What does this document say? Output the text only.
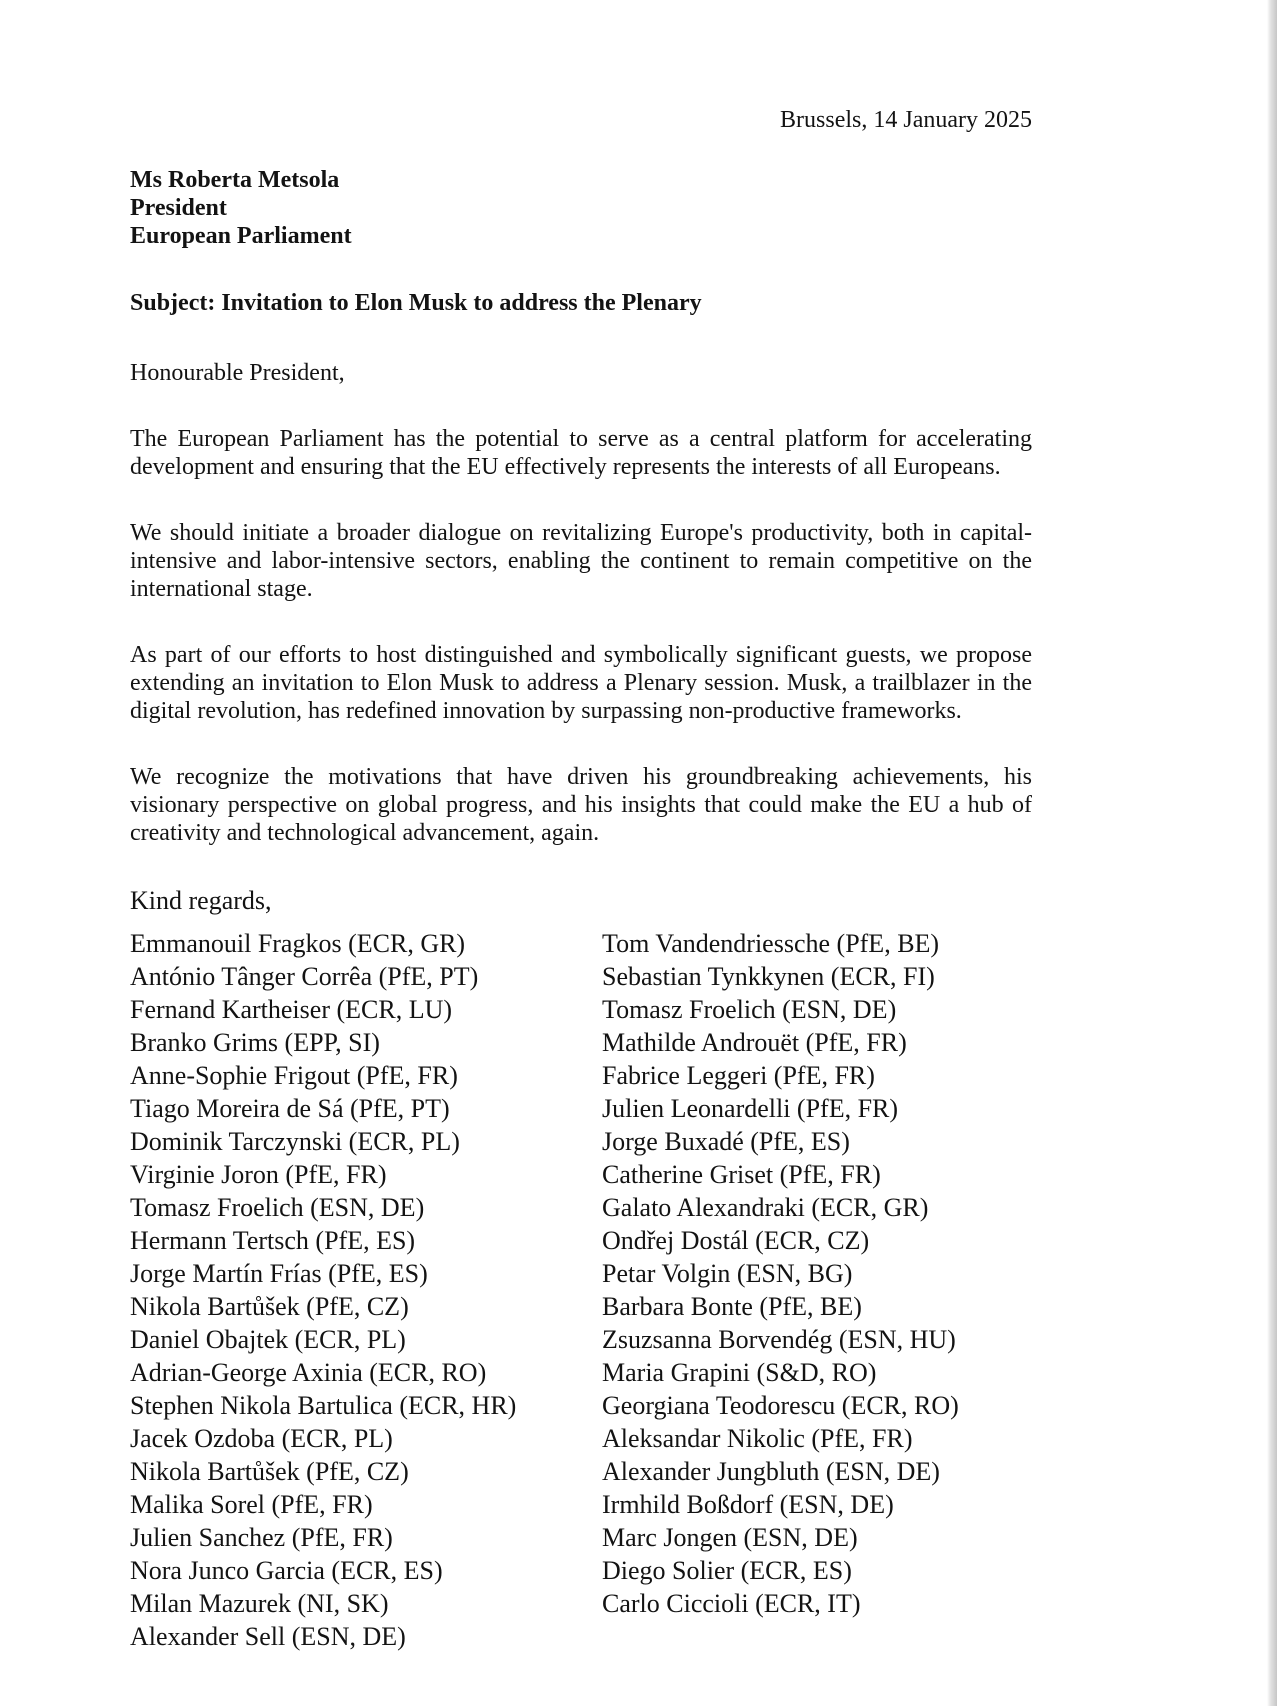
Brussels, 14 January 2025
Ms Roberta Metsola
President
European Parliament
Subject: Invitation to Elon Musk to address the Plenary
Honourable President,
The European Parliament has the potential to serve as a central platform for accelerating development and ensuring that the EU effectively represents the interests of all Europeans.
We should initiate a broader dialogue on revitalizing Europe's productivity, both in capital-intensive and labor-intensive sectors, enabling the continent to remain competitive on the international stage.
As part of our efforts to host distinguished and symbolically significant guests, we propose extending an invitation to Elon Musk to address a Plenary session. Musk, a trailblazer in the digital revolution, has redefined innovation by surpassing non-productive frameworks.
We recognize the motivations that have driven his groundbreaking achievements, his visionary perspective on global progress, and his insights that could make the EU a hub of creativity and technological advancement, again.
Kind regards,
Emmanouil Fragkos (ECR, GR)
António Tânger Corrêa (PfE, PT)
Fernand Kartheiser (ECR, LU)
Branko Grims (EPP, SI)
Anne-Sophie Frigout (PfE, FR)
Tiago Moreira de Sá (PfE, PT)
Dominik Tarczynski (ECR, PL)
Virginie Joron (PfE, FR)
Tomasz Froelich (ESN, DE)
Hermann Tertsch (PfE, ES)
Jorge Martín Frías (PfE, ES)
Nikola Bartůšek (PfE, CZ)
Daniel Obajtek (ECR, PL)
Adrian-George Axinia (ECR, RO)
Stephen Nikola Bartulica (ECR, HR)
Jacek Ozdoba (ECR, PL)
Nikola Bartůšek (PfE, CZ)
Malika Sorel (PfE, FR)
Julien Sanchez (PfE, FR)
Nora Junco Garcia (ECR, ES)
Milan Mazurek (NI, SK)
Alexander Sell (ESN, DE)
Tom Vandendriessche (PfE, BE)
Sebastian Tynkkynen (ECR, FI)
Tomasz Froelich (ESN, DE)
Mathilde Androuët (PfE, FR)
Fabrice Leggeri (PfE, FR)
Julien Leonardelli (PfE, FR)
Jorge Buxadé (PfE, ES)
Catherine Griset (PfE, FR)
Galato Alexandraki (ECR, GR)
Ondřej Dostál (ECR, CZ)
Petar Volgin (ESN, BG)
Barbara Bonte (PfE, BE)
Zsuzsanna Borvendég (ESN, HU)
Maria Grapini (S&D, RO)
Georgiana Teodorescu (ECR, RO)
Aleksandar Nikolic (PfE, FR)
Alexander Jungbluth (ESN, DE)
Irmhild Boßdorf (ESN, DE)
Marc Jongen (ESN, DE)
Diego Solier (ECR, ES)
Carlo Ciccioli (ECR, IT)
